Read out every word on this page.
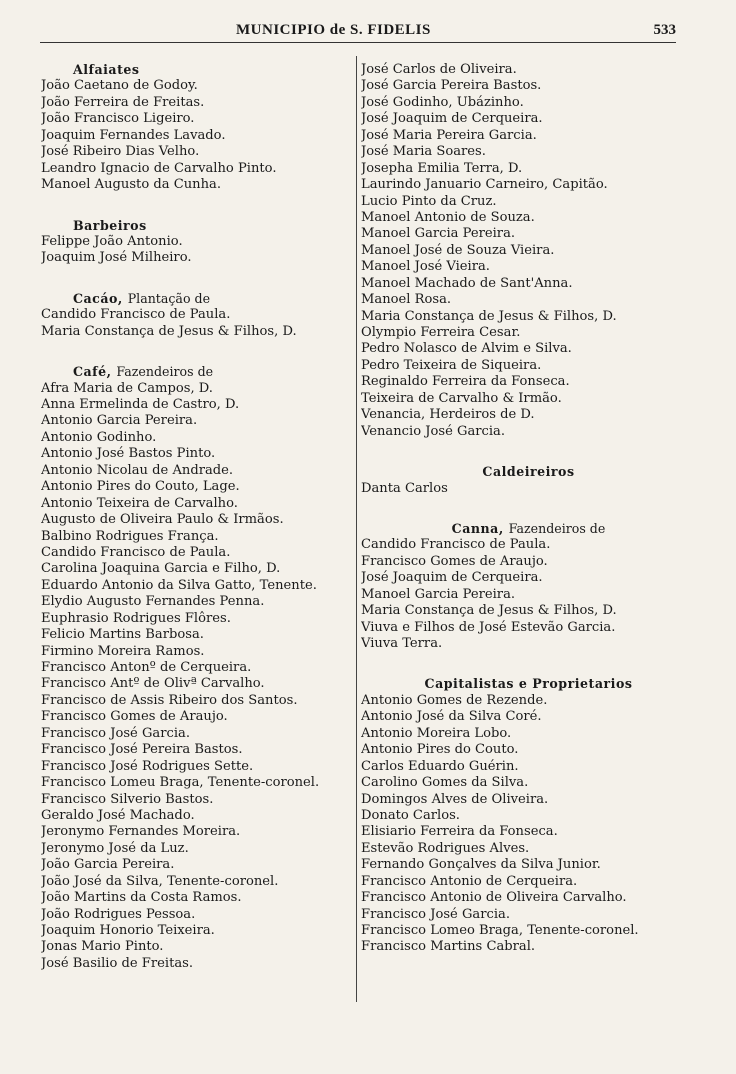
MUNICIPIO de S. FIDELIS	533
Alfaiates
João Caetano de Godoy.
João Ferreira de Freitas.
João Francisco Ligeiro.
Joaquim Fernandes Lavado.
José Ribeiro Dias Velho.
Leandro Ignacio de Carvalho Pinto.
Manoel Augusto da Cunha.
Barbeiros
Felippe João Antonio.
Joaquim José Milheiro.
Cacáo, Plantação de
Candido Francisco de Paula.
Maria Constança de Jesus & Filhos, D.
Café, Fazendeiros de
Afra Maria de Campos, D.
Anna Ermelinda de Castro, D.
Antonio Garcia Pereira.
Antonio Godinho.
Antonio José Bastos Pinto.
Antonio Nicolau de Andrade.
Antonio Pires do Couto, Lage.
Antonio Teixeira de Carvalho.
Augusto de Oliveira Paulo & Irmãos.
Balbino Rodrigues França.
Candido Francisco de Paula.
Carolina Joaquina Garcia e Filho, D.
Eduardo Antonio da Silva Gatto, Tenente.
Elydio Augusto Fernandes Penna.
Euphrasio Rodrigues Flôres.
Felicio Martins Barbosa.
Firmino Moreira Ramos.
Francisco Antonº de Cerqueira.
Francisco Antº de Olivª Carvalho.
Francisco de Assis Ribeiro dos Santos.
Francisco Gomes de Araujo.
Francisco José Garcia.
Francisco José Pereira Bastos.
Francisco José Rodrigues Sette.
Francisco Lomeu Braga, Tenente-coronel.
Francisco Silverio Bastos.
Geraldo José Machado.
Jeronymo Fernandes Moreira.
Jeronymo José da Luz.
João Garcia Pereira.
João José da Silva, Tenente-coronel.
João Martins da Costa Ramos.
João Rodrigues Pessoa.
Joaquim Honorio Teixeira.
Jonas Mario Pinto.
José Basilio de Freitas.
José Carlos de Oliveira.
José Garcia Pereira Bastos.
José Godinho, Ubázinho.
José Joaquim de Cerqueira.
José Maria Pereira Garcia.
José Maria Soares.
Josepha Emilia Terra, D.
Laurindo Januario Carneiro, Capitão.
Lucio Pinto da Cruz.
Manoel Antonio de Souza.
Manoel Garcia Pereira.
Manoel José de Souza Vieira.
Manoel José Vieira.
Manoel Machado de Sant'Anna.
Manoel Rosa.
Maria Constança de Jesus & Filhos, D.
Olympio Ferreira Cesar.
Pedro Nolasco de Alvim e Silva.
Pedro Teixeira de Siqueira.
Reginaldo Ferreira da Fonseca.
Teixeira de Carvalho & Irmão.
Venancia, Herdeiros de D.
Venancio José Garcia.
Caldeireiros
Danta Carlos
Canna, Fazendeiros de
Candido Francisco de Paula.
Francisco Gomes de Araujo.
José Joaquim de Cerqueira.
Manoel Garcia Pereira.
Maria Constança de Jesus & Filhos, D.
Viuva e Filhos de José Estevão Garcia.
Viuva Terra.
Capitalistas e Proprietarios
Antonio Gomes de Rezende.
Antonio José da Silva Coré.
Antonio Moreira Lobo.
Antonio Pires do Couto.
Carlos Eduardo Guérin.
Carolino Gomes da Silva.
Domingos Alves de Oliveira.
Donato Carlos.
Elisiario Ferreira da Fonseca.
Estevão Rodrigues Alves.
Fernando Gonçalves da Silva Junior.
Francisco Antonio de Cerqueira.
Francisco Antonio de Oliveira Carvalho.
Francisco José Garcia.
Francisco Lomeo Braga, Tenente-coronel.
Francisco Martins Cabral.
